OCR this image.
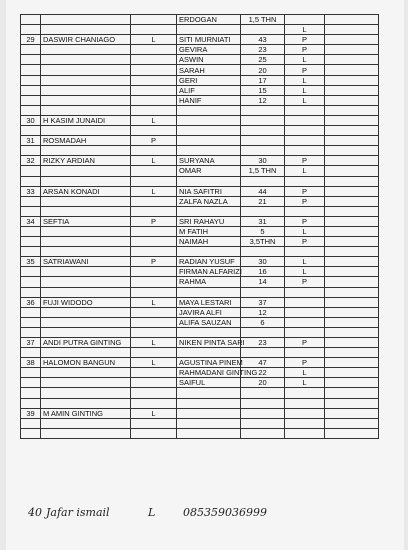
			ERDOGAN	1,5 THN		
					L	
29	DASWIR CHANIAGO	L	SITI MURNIATI	43	P	
			GEVIRA	23	P	
			ASWIN	25	L	
			SARAH	20	P	
			GERI	17	L	
			ALIF	15	L	
			HANIF	12	L	

30	H KASIM JUNAIDI	L				

31	ROSMADAH	P				

32	RIZKY ARDIAN	L	SURYANA	30	P	
			OMAR	1,5 THN	L	

33	ARSAN KONADI	L	NIA SAFITRI	44	P	
			ZALFA NAZLA	21	P	

34	SEFTIA	P	SRI RAHAYU	31	P	
			M FATIH	5	L	
			NAIMAH	3,5THN	P	

35	SATRIAWANI	P	RADIAN YUSUF	30	L	
			FIRMAN ALFARIZI	16	L	
			RAHMA	14	P	

36	FUJI WIDODO	L	MAYA LESTARI	37		
			JAVIRA ALFI	12		
			ALIFA SAUZAN	6		

37	ANDI PUTRA GINTING	L	NIKEN PINTA SARI	23	P	

38	HALOMON BANGUN	L	AGUSTINA PINEM	47	P	
			RAHMADANI GINTING	22	L	
			SAIFUL	20	L	

39	M AMIN GINTING	L				

40 Jafar ismail	L	085359036999
